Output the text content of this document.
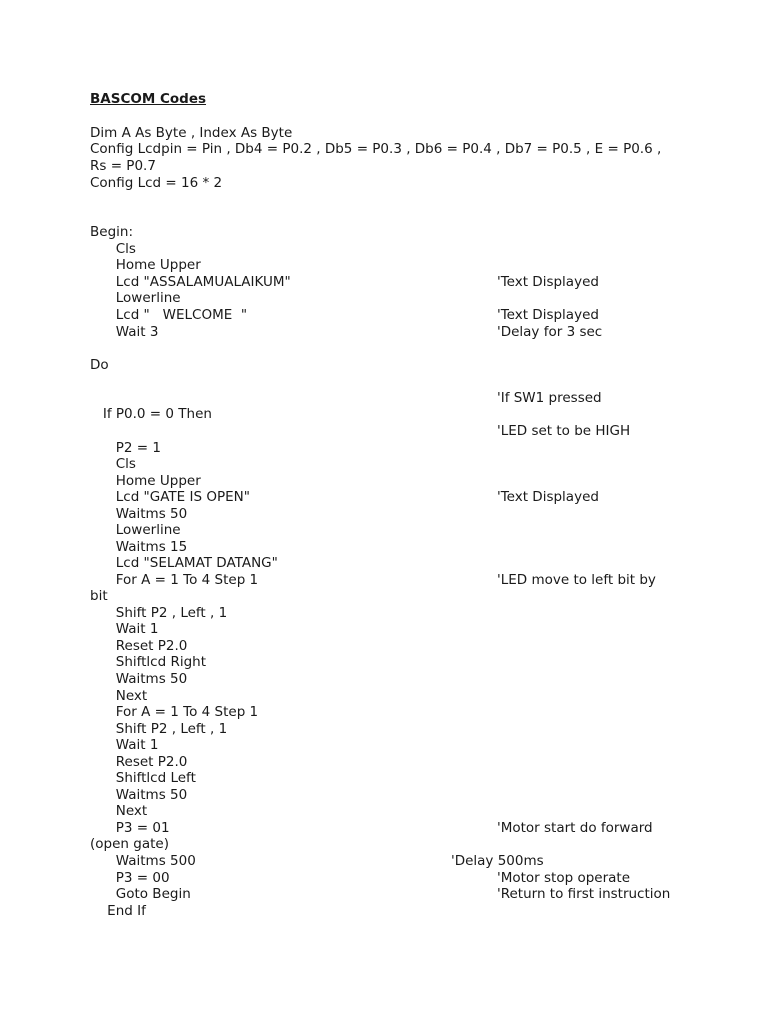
BASCOM Codes
Dim A As Byte , Index As Byte
Config Lcdpin = Pin , Db4 = P0.2 , Db5 = P0.3 , Db6 = P0.4 , Db7 = P0.5 , E = P0.6 ,
Rs = P0.7
Config Lcd = 16 * 2
Begin:
Cls
Home Upper
Lcd "ASSALAMUALAIKUM"	'Text Displayed
Lowerline
Lcd "   WELCOME  "	'Text Displayed
Wait 3	'Delay for 3 sec
Do
'If SW1 pressed
If P0.0 = 0 Then
'LED set to be HIGH
P2 = 1
Cls
Home Upper
Lcd "GATE IS OPEN"	'Text Displayed
Waitms 50
Lowerline
Waitms 15
Lcd "SELAMAT DATANG"
For A = 1 To 4 Step 1	'LED move to left bit by
bit
Shift P2 , Left , 1
Wait 1
Reset P2.0
Shiftlcd Right
Waitms 50
Next
For A = 1 To 4 Step 1
Shift P2 , Left , 1
Wait 1
Reset P2.0
Shiftlcd Left
Waitms 50
Next
P3 = 01	'Motor start do forward
(open gate)
Waitms 500	'Delay 500ms
P3 = 00	'Motor stop operate
Goto Begin	'Return to first instruction
End If
